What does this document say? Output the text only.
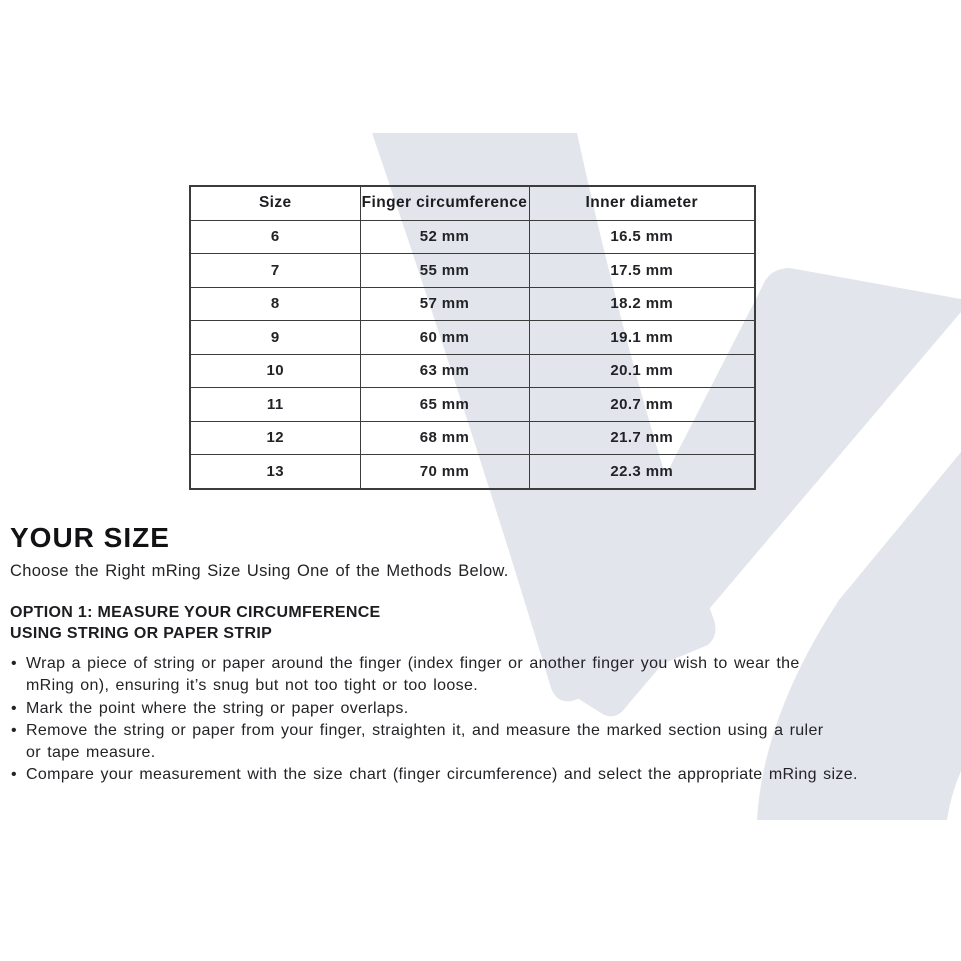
Size	Finger circumference	Inner diameter
6	52 mm	16.5 mm
7	55 mm	17.5 mm
8	57 mm	18.2 mm
9	60 mm	19.1 mm
10	63 mm	20.1 mm
11	65 mm	20.7 mm
12	68 mm	21.7 mm
13	70 mm	22.3 mm
YOUR SIZE

Choose the Right mRing Size Using One of the Methods Below.

OPTION 1: MEASURE YOUR CIRCUMFERENCE
USING STRING OR PAPER STRIP
• Wrap a piece of string or paper around the finger (index finger or another finger you wish to wear the
mRing on), ensuring it’s snug but not too tight or too loose.
• Mark the point where the string or paper overlaps.
• Remove the string or paper from your finger, straighten it, and measure the marked section using a ruler
or tape measure.
• Compare your measurement with the size chart (finger circumference) and select the appropriate mRing size.
